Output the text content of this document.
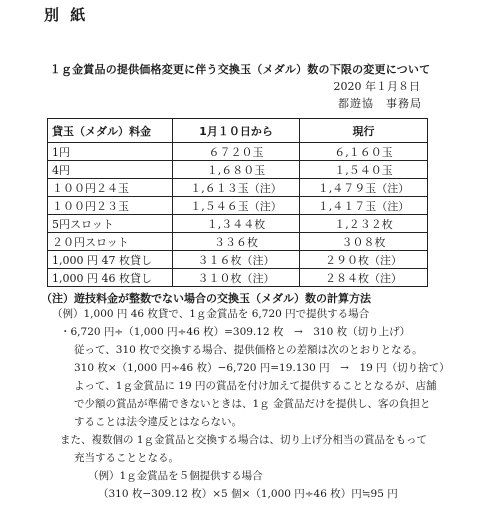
別 紙
１ｇ金賞品の提供価格変更に伴う交換玉（メダル）数の下限の変更について
2020 年１月８日
都遊協　事務局
貸玉（メダル）料金	1月１０日から	現行
1円	６７２０玉	６,１６０玉
4円	１,６８０玉	１,５４０玉
１００円２４玉	１,６１３玉（注）	１,４７９玉（注）
１００円２３玉	１,５４６玉（注）	１,４１７玉（注）
5円スロット	１,３４４枚	１,２３２枚
２０円スロット	３３６枚	３０８枚
1,000 円 47 枚貸し	３１６枚（注）	２９０枚（注）
1,000 円 46 枚貸し	３１０枚（注）	２８４枚（注）
（注）遊技料金が整数でない場合の交換玉（メダル）数の計算方法
（例）1,000 円 46 枚貸で、1ｇ金賞品を 6,720 円で提供する場合
・6,720 円÷（1,000 円÷46 枚）=309.12 枚　→　310 枚（切り上げ）
従って、310 枚で交換する場合、提供価格との差額は次のとおりとなる。
310 枚×（1,000 円÷46 枚）−6,720 円=19.130 円　→　19 円（切り捨て）
よって、1ｇ金賞品に 19 円の賞品を付け加えて提供することとなるが、店舗
で少額の賞品が準備できないときは、1ｇ 金賞品だけを提供し、客の負担と
することは法令違反とはならない。
また、複数個の 1ｇ金賞品と交換する場合は、切り上げ分相当の賞品をもって
充当することとなる。
（例）1ｇ金賞品を５個提供する場合
（310 枚−309.12 枚）×5 個×（1,000 円÷46 枚）円≒95 円
